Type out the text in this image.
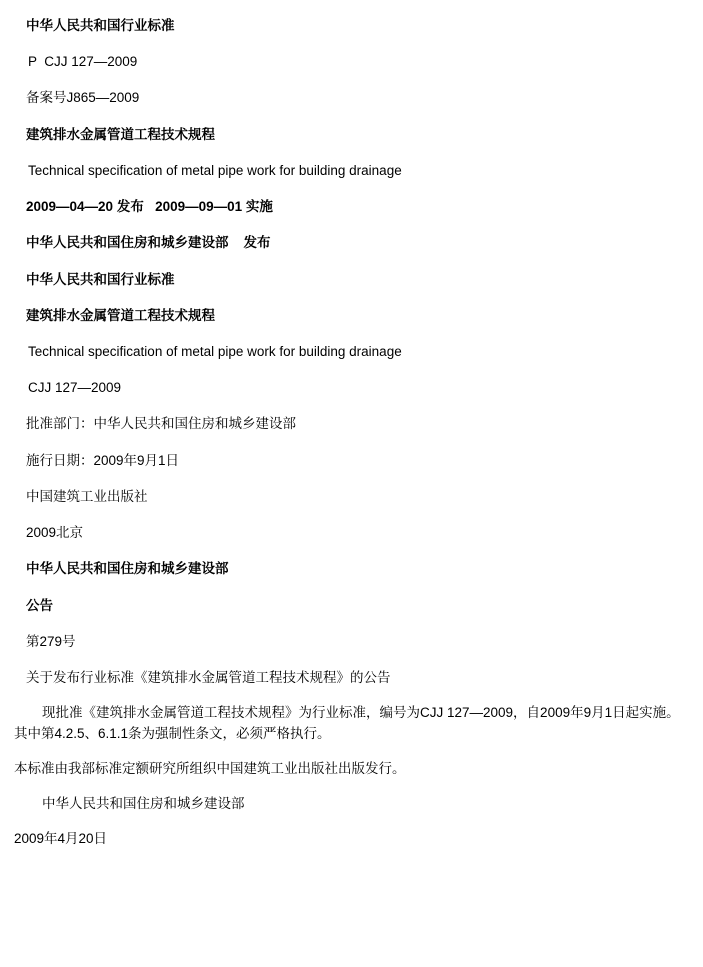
中华人民共和国行业标准
P  CJJ 127—2009
备案号J865—2009
建筑排水金属管道工程技术规程
Technical specification of metal pipe work for building drainage
2009—04—20 发布   2009—09—01 实施
中华人民共和国住房和城乡建设部    发布
中华人民共和国行业标准
建筑排水金属管道工程技术规程
Technical specification of metal pipe work for building drainage
CJJ 127—2009
批准部门：中华人民共和国住房和城乡建设部
施行日期：2009年9月1日
中国建筑工业出版社
2009北京
中华人民共和国住房和城乡建设部
公告
第279号
关于发布行业标准《建筑排水金属管道工程技术规程》的公告
现批准《建筑排水金属管道工程技术规程》为行业标准，编号为CJJ 127—2009，自2009年9月1日起实施。其中第4.2.5、6.1.1条为强制性条文，必须严格执行。
本标准由我部标准定额研究所组织中国建筑工业出版社出版发行。
中华人民共和国住房和城乡建设部
2009年4月20日
